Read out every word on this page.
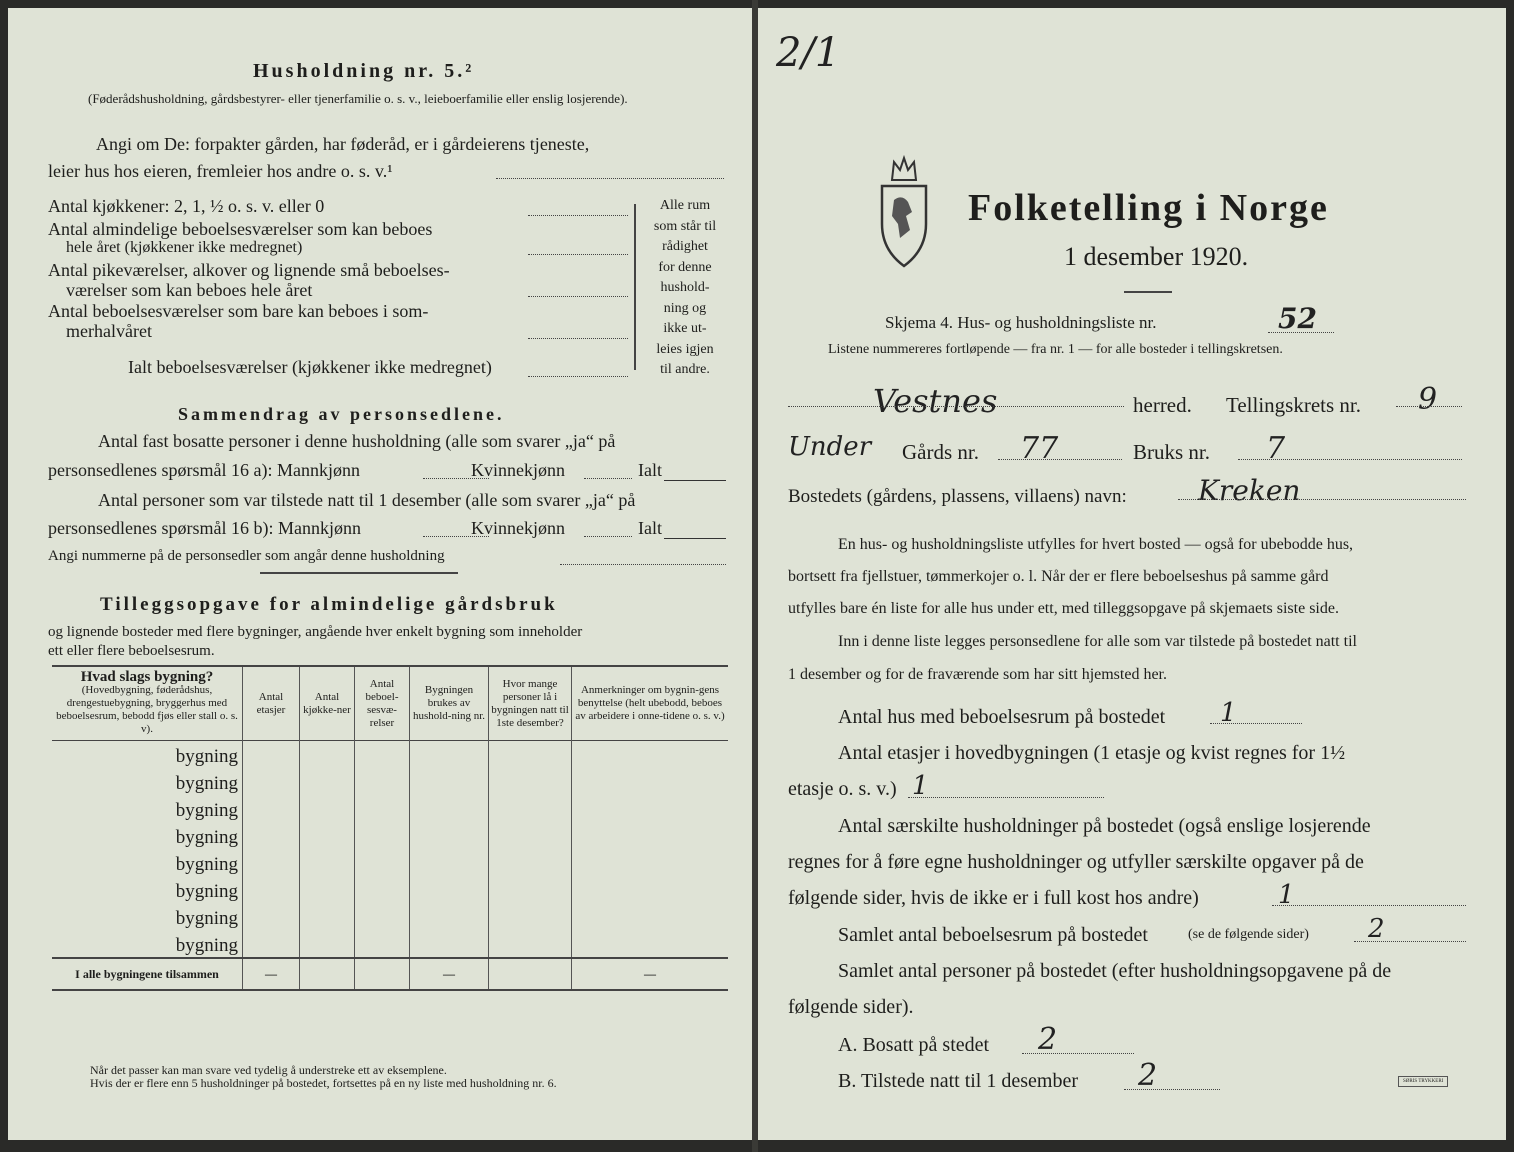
Husholdning nr. 5.²
(Føderådshusholdning, gårdsbestyrer- eller tjenerfamilie o. s. v., leieboerfamilie eller enslig losjerende).
Angi om De: forpakter gården, har føderåd, er i gårdeierens tjeneste,
leier hus hos eieren, fremleier hos andre o. s. v.¹
Antal kjøkkener: 2, 1, ½ o. s. v. eller 0
Antal almindelige beboelsesværelser som kan beboes
hele året (kjøkkener ikke medregnet)
Antal pikeværelser, alkover og lignende små beboelses-
værelser som kan beboes hele året
Antal beboelsesværelser som bare kan beboes i som-
merhalvåret
Ialt beboelsesværelser (kjøkkener ikke medregnet)
Alle rum
som står til
rådighet
for denne
hushold-
ning og
ikke ut-
leies igjen
til andre.
Sammendrag av personsedlene.
Antal fast bosatte personer i denne husholdning (alle som svarer „ja“ på
personsedlenes spørsmål 16 a): Mannkjønn	Kvinnekjønn	Ialt
Antal personer som var tilstede natt til 1 desember (alle som svarer „ja“ på
personsedlenes spørsmål 16 b): Mannkjønn	Kvinnekjønn	Ialt
Angi nummerne på de personsedler som angår denne husholdning
Tilleggsopgave for almindelige gårdsbruk
og lignende bosteder med flere bygninger, angående hver enkelt bygning som inneholder
ett eller flere beboelsesrum.
Hvad slags bygning?
(Hovedbygning, føderådshus, drengestuebygning, bryggerhus med beboelsesrum, bebodd fjøs eller stall o. s. v).	Antal etasjer	Antal kjøkke-ner	Antal beboel-sesvæ-relser	Bygningen brukes av hushold-ning nr.	Hvor mange personer lå i bygningen natt til 1ste desember?	Anmerkninger om bygnin-gens benyttelse (helt ubebodd, beboes av arbeidere i onne-tidene o. s. v.)
bygning						
bygning						
bygning						
bygning						
bygning						
bygning						
bygning						
bygning						
I alle bygningene tilsammen	—			—		—
Når det passer kan man svare ved tydelig å understreke ett av eksemplene.
Hvis der er flere enn 5 husholdninger på bostedet, fortsettes på en ny liste med husholdning nr. 6.
2/1
Folketelling i Norge
1 desember 1920.
Skjema 4. Hus- og husholdningsliste nr.	52
Listene nummereres fortløpende — fra nr. 1 — for alle bosteder i tellingskretsen.
Vestnes	herred. Tellingskrets nr. 9
Under Gårds nr. 77	Bruks nr. 7
Bostedets (gårdens, plassens, villaens) navn:	Kreken
En hus- og husholdningsliste utfylles for hvert bosted — også for ubebodde hus,
bortsett fra fjellstuer, tømmerkojer o. l. Når der er flere beboelseshus på samme gård
utfylles bare én liste for alle hus under ett, med tilleggsopgave på skjemaets siste side.
Inn i denne liste legges personsedlene for alle som var tilstede på bostedet natt til
1 desember og for de fraværende som har sitt hjemsted her.
Antal hus med beboelsesrum på bostedet 1
Antal etasjer i hovedbygningen (1 etasje og kvist regnes for 1½
etasje o. s. v.) 1
Antal særskilte husholdninger på bostedet (også enslige losjerende
regnes for å føre egne husholdninger og utfyller særskilte opgaver på de
følgende sider, hvis de ikke er i full kost hos andre)	1
Samlet antal beboelsesrum på bostedet	(se de følgende sider) 2
Samlet antal personer på bostedet (efter husholdningsopgavene på de
følgende sider).
A. Bosatt på stedet 2
B. Tilstede natt til 1 desember 2	SØRIS TRYKKERI
